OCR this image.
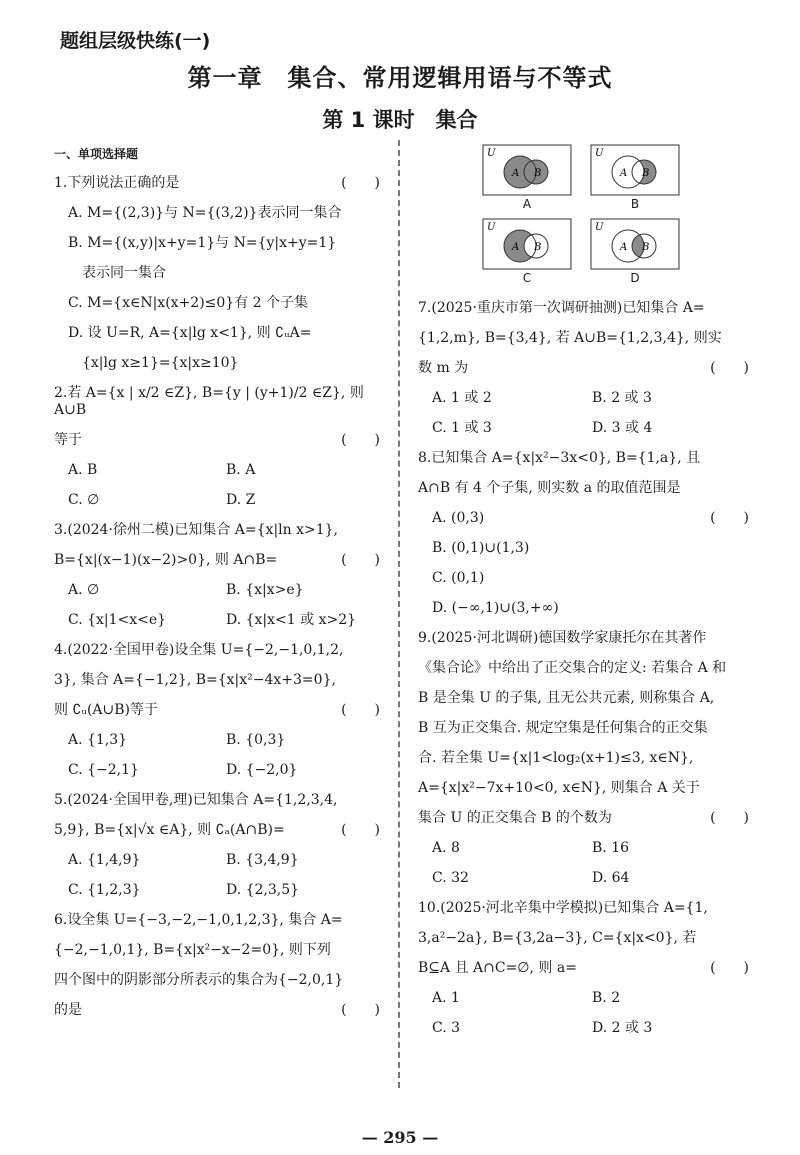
题组层级快练(一)
第一章　集合、常用逻辑用语与不等式
第 1 课时　集合
一、单项选择题
1.下列说法正确的是	(　　)
A. M={(2,3)}与 N={(3,2)}表示同一集合
B. M={(x,y)|x+y=1}与 N={y|x+y=1}
　表示同一集合
C. M={x∈N|x(x+2)≤0}有 2 个子集
D. 设 U=R, A={x|lg x<1}, 则 ∁ᵤA=
　{x|lg x≥1}={x|x≥10}
2.若 A={x | x/2 ∈Z}, B={y | (y+1)/2 ∈Z}, 则 A∪B
等于	(　　)
A. B	B. A
C. ∅	D. Z
3.(2024·徐州二模)已知集合 A={x|ln x>1},
B={x|(x−1)(x−2)>0}, 则 A∩B=	(　　)
A. ∅	B. {x|x>e}
C. {x|1<x<e}	D. {x|x<1 或 x>2}
4.(2022·全国甲卷)设全集 U={−2,−1,0,1,2,
3}, 集合 A={−1,2}, B={x|x²−4x+3=0},
则 ∁ᵤ(A∪B)等于	(　　)
A. {1,3}	B. {0,3}
C. {−2,1}	D. {−2,0}
5.(2024·全国甲卷,理)已知集合 A={1,2,3,4,
5,9}, B={x|√x ∈A}, 则 ∁ₐ(A∩B)=	(　　)
A. {1,4,9}	B. {3,4,9}
C. {1,2,3}	D. {2,3,5}
6.设全集 U={−3,−2,−1,0,1,2,3}, 集合 A=
{−2,−1,0,1}, B={x|x²−x−2=0}, 则下列
四个图中的阴影部分所表示的集合为{−2,0,1}
的是	(　　)
U
A B
A
U
A B
B
U
A B
C
U
A B
D
7.(2025·重庆市第一次调研抽测)已知集合 A=
{1,2,m}, B={3,4}, 若 A∪B={1,2,3,4}, 则实
数 m 为	(　　)
A. 1 或 2	B. 2 或 3
C. 1 或 3	D. 3 或 4
8.已知集合 A={x|x²−3x<0}, B={1,a}, 且
A∩B 有 4 个子集, 则实数 a 的取值范围是
(　　)
A. (0,3)
B. (0,1)∪(1,3)
C. (0,1)
D. (−∞,1)∪(3,+∞)
9.(2025·河北调研)德国数学家康托尔在其著作
《集合论》中给出了正交集合的定义: 若集合 A 和
B 是全集 U 的子集, 且无公共元素, 则称集合 A,
B 互为正交集合. 规定空集是任何集合的正交集
合. 若全集 U={x|1<log₂(x+1)≤3, x∈N},
A={x|x²−7x+10<0, x∈N}, 则集合 A 关于
集合 U 的正交集合 B 的个数为	(　　)
A. 8	B. 16
C. 32	D. 64
10.(2025·河北辛集中学模拟)已知集合 A={1,
3,a²−2a}, B={3,2a−3}, C={x|x<0}, 若
B⊆A 且 A∩C=∅, 则 a=	(　　)
A. 1	B. 2
C. 3	D. 2 或 3
— 295 —
